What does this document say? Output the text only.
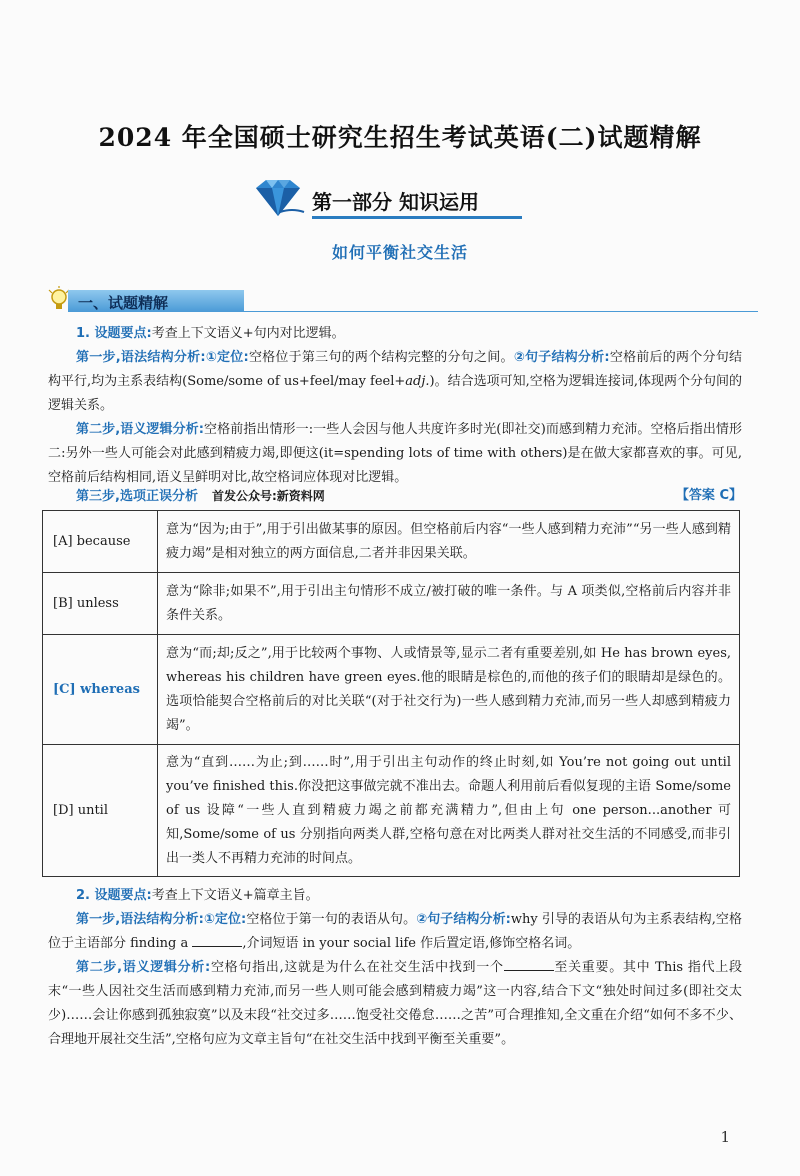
2024 年全国硕士研究生招生考试英语(二)试题精解
第一部分 知识运用
如何平衡社交生活
一、试题精解
1. 设题要点:考查上下文语义+句内对比逻辑。
第一步,语法结构分析:①定位:空格位于第三句的两个结构完整的分句之间。②句子结构分析:空格前后的两个分句结构平行,均为主系表结构(Some/some of us+feel/may feel+adj.)。结合选项可知,空格为逻辑连接词,体现两个分句间的逻辑关系。
第二步,语义逻辑分析:空格前指出情形一:一些人会因与他人共度许多时光(即社交)而感到精力充沛。空格后指出情形二:另外一些人可能会对此感到精疲力竭,即便这(it=spending lots of time with others)是在做大家都喜欢的事。可见,空格前后结构相同,语义呈鲜明对比,故空格词应体现对比逻辑。
第三步,选项正误分析 首发公众号:新资料网	【答案 C】
[A] because	意为“因为;由于”,用于引出做某事的原因。但空格前后内容“一些人感到精力充沛”“另一些人感到精疲力竭”是相对独立的两方面信息,二者并非因果关联。
[B] unless	意为“除非;如果不”,用于引出主句情形不成立/被打破的唯一条件。与 A 项类似,空格前后内容并非条件关系。
[C] whereas	意为“而;却;反之”,用于比较两个事物、人或情景等,显示二者有重要差别,如 He has brown eyes, whereas his children have green eyes.他的眼睛是棕色的,而他的孩子们的眼睛却是绿色的。选项恰能契合空格前后的对比关联“(对于社交行为)一些人感到精力充沛,而另一些人却感到精疲力竭”。
[D] until	意为“直到……为止;到……时”,用于引出主句动作的终止时刻,如 You’re not going out until you’ve finished this.你没把这事做完就不准出去。命题人利用前后看似复现的主语 Some/some of us 设障“一些人直到精疲力竭之前都充满精力”,但由上句 one person...another 可知,Some/some of us 分别指向两类人群,空格句意在对比两类人群对社交生活的不同感受,而非引出一类人不再精力充沛的时间点。
2. 设题要点:考查上下文语义+篇章主旨。
第一步,语法结构分析:①定位:空格位于第一句的表语从句。②句子结构分析:why 引导的表语从句为主系表结构,空格位于主语部分 finding a	,介词短语 in your social life 作后置定语,修饰空格名词。
第二步,语义逻辑分析:空格句指出,这就是为什么在社交生活中找到一个	至关重要。其中 This 指代上段末“一些人因社交生活而感到精力充沛,而另一些人则可能会感到精疲力竭”这一内容,结合下文“独处时间过多(即社交太少)……会让你感到孤独寂寞”以及末段“社交过多……饱受社交倦怠……之苦”可合理推知,全文重在介绍“如何不多不少、合理地开展社交生活”,空格句应为文章主旨句“在社交生活中找到平衡至关重要”。
1
